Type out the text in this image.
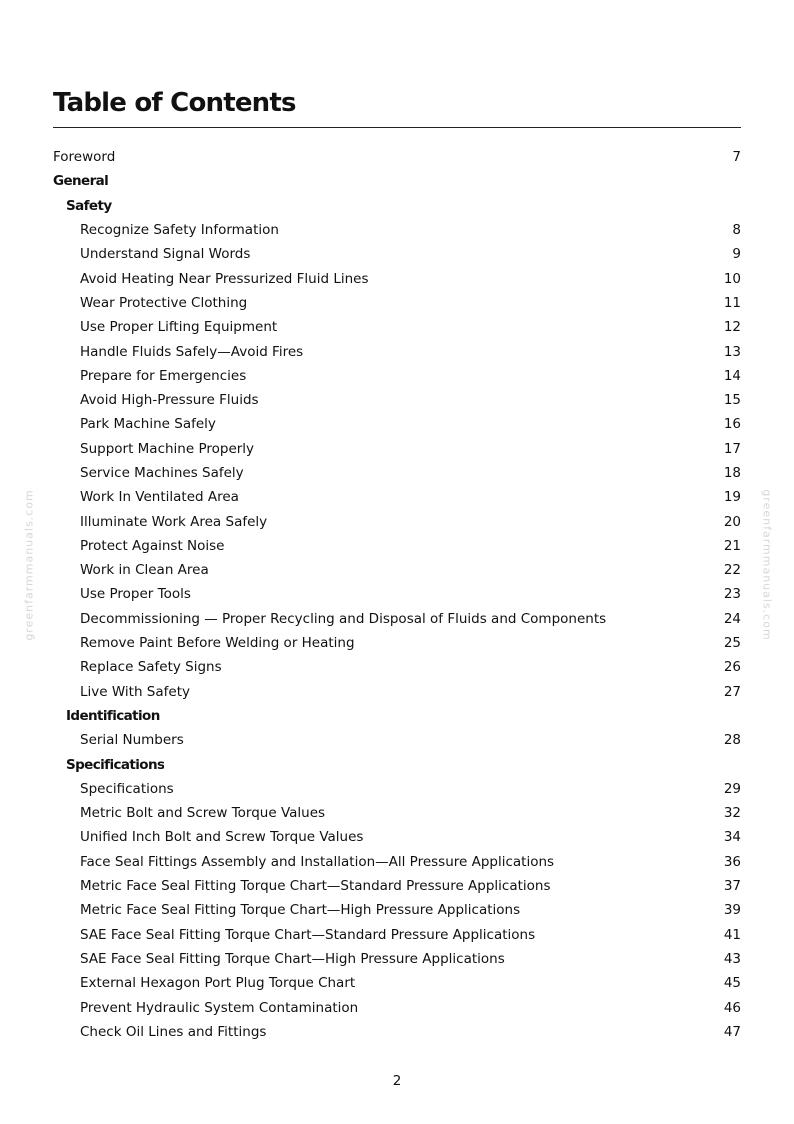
Table of Contents
Foreword	7
General
Safety
Recognize Safety Information	8
Understand Signal Words	9
Avoid Heating Near Pressurized Fluid Lines	10
Wear Protective Clothing	11
Use Proper Lifting Equipment	12
Handle Fluids Safely—Avoid Fires	13
Prepare for Emergencies	14
Avoid High-Pressure Fluids	15
Park Machine Safely	16
Support Machine Properly	17
Service Machines Safely	18
Work In Ventilated Area	19
Illuminate Work Area Safely	20
Protect Against Noise	21
Work in Clean Area	22
Use Proper Tools	23
Decommissioning — Proper Recycling and Disposal of Fluids and Components	24
Remove Paint Before Welding or Heating	25
Replace Safety Signs	26
Live With Safety	27
Identification
Serial Numbers	28
Specifications
Specifications	29
Metric Bolt and Screw Torque Values	32
Unified Inch Bolt and Screw Torque Values	34
Face Seal Fittings Assembly and Installation—All Pressure Applications	36
Metric Face Seal Fitting Torque Chart—Standard Pressure Applications	37
Metric Face Seal Fitting Torque Chart—High Pressure Applications	39
SAE Face Seal Fitting Torque Chart—Standard Pressure Applications	41
SAE Face Seal Fitting Torque Chart—High Pressure Applications	43
External Hexagon Port Plug Torque Chart	45
Prevent Hydraulic System Contamination	46
Check Oil Lines and Fittings	47
2
greenfarmmanuals.com	greenfarmmanuals.com
